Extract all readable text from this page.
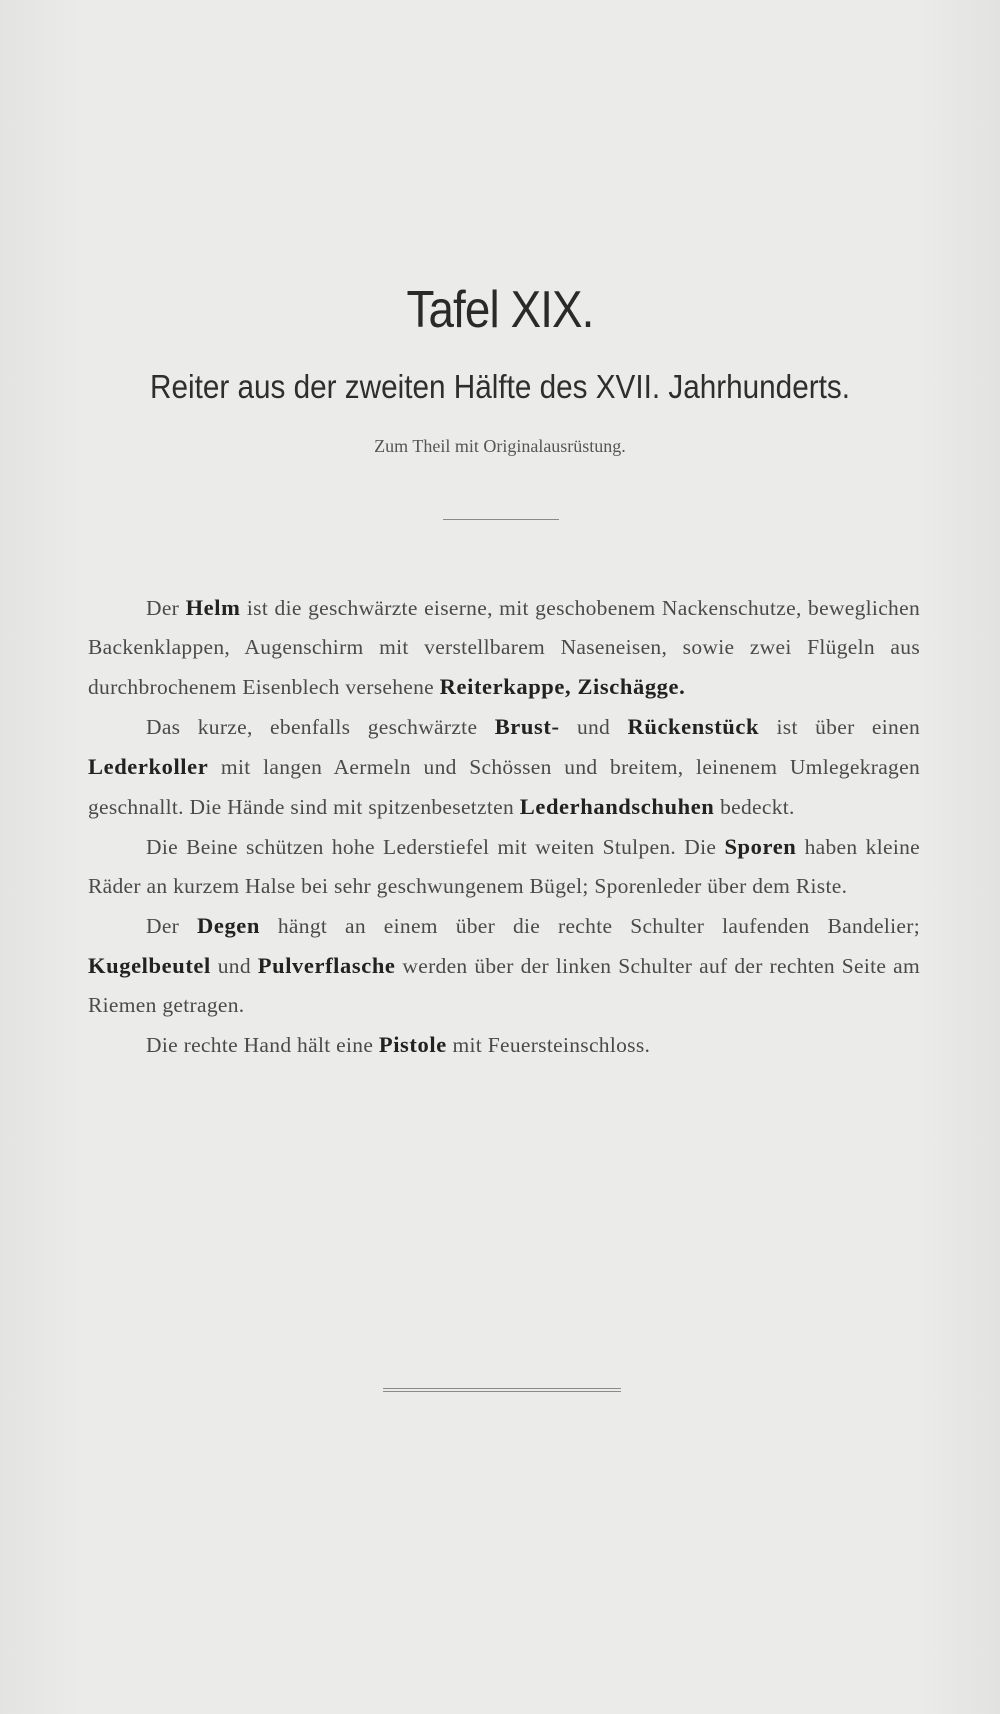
Tafel XIX.
Reiter aus der zweiten Hälfte des XVII. Jahrhunderts.
Zum Theil mit Originalausrüstung.

Der Helm ist die geschwärzte eiserne, mit geschobenem Nackenschutze, beweglichen Backenklappen, Augenschirm mit verstellbarem Naseneisen, sowie zwei Flügeln aus durchbrochenem Eisenblech versehene Reiterkappe, Zischägge.

Das kurze, ebenfalls geschwärzte Brust- und Rückenstück ist über einen Lederkoller mit langen Aermeln und Schössen und breitem, leinenem Umlegekragen geschnallt. Die Hände sind mit spitzenbesetzten Lederhandschuhen bedeckt.

Die Beine schützen hohe Lederstiefel mit weiten Stulpen. Die Sporen haben kleine Räder an kurzem Halse bei sehr geschwungenem Bügel; Sporenleder über dem Riste.

Der Degen hängt an einem über die rechte Schulter laufenden Bandelier; Kugelbeutel und Pulverflasche werden über der linken Schulter auf der rechten Seite am Riemen getragen.

Die rechte Hand hält eine Pistole mit Feuersteinschloss.
